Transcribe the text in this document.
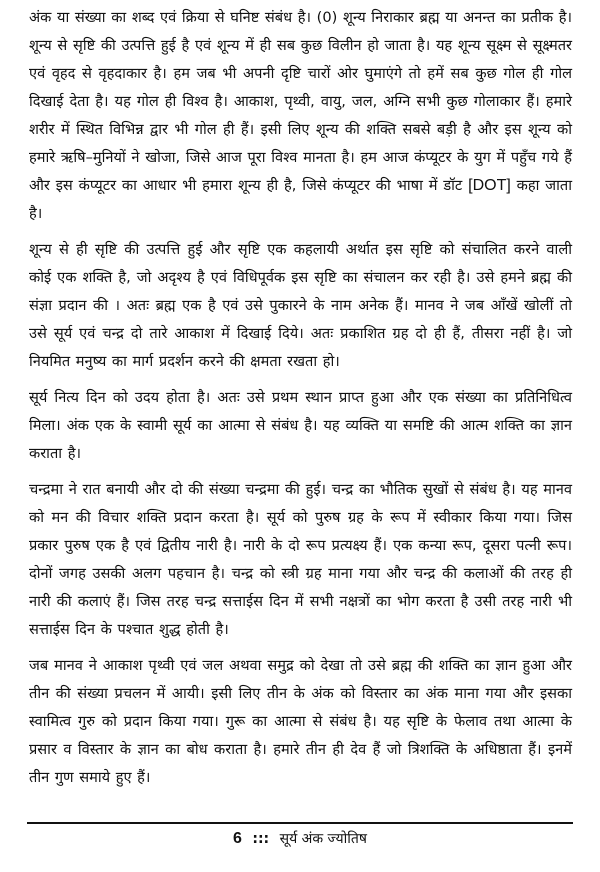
अंक या संख्या का शब्द एवं क्रिया से घनिष्ट संबंध है। (0) शून्य निराकार ब्रह्म या अनन्त का प्रतीक है। शून्य से सृष्टि की उत्पत्ति हुई है एवं शून्य में ही सब कुछ विलीन हो जाता है। यह शून्य सूक्ष्म से सूक्ष्मतर एवं वृहद से वृहदाकार है। हम जब भी अपनी दृष्टि चारों ओर घुमाएंगे तो हमें सब कुछ गोल ही गोल दिखाई देता है। यह गोल ही विश्व है। आकाश, पृथ्वी, वायु, जल, अग्नि सभी कुछ गोलाकार हैं। हमारे शरीर में स्थित विभिन्न द्वार भी गोल ही हैं। इसी लिए शून्य की शक्ति सबसे बड़ी है और इस शून्य को हमारे ऋषि–मुनियों ने खोजा, जिसे आज पूरा विश्व मानता है। हम आज कंप्यूटर के युग में पहुँच गये हैं और इस कंप्यूटर का आधार भी हमारा शून्य ही है, जिसे कंप्यूटर की भाषा में डॉट [DOT] कहा जाता है।

शून्य से ही सृष्टि की उत्पत्ति हुई और सृष्टि एक कहलायी अर्थात इस सृष्टि को संचालित करने वाली कोई एक शक्ति है, जो अदृश्य है एवं विधिपूर्वक इस सृष्टि का संचालन कर रही है। उसे हमने ब्रह्म की संज्ञा प्रदान की । अतः ब्रह्म एक है एवं उसे पुकारने के नाम अनेक हैं। मानव ने जब आँखें खोलीं तो उसे सूर्य एवं चन्द्र दो तारे आकाश में दिखाई दिये। अतः प्रकाशित ग्रह दो ही हैं, तीसरा नहीं है। जो नियमित मनुष्य का मार्ग प्रदर्शन करने की क्षमता रखता हो।

सूर्य नित्य दिन को उदय होता है। अतः उसे प्रथम स्थान प्राप्त हुआ और एक संख्या का प्रतिनिधित्व मिला। अंक एक के स्वामी सूर्य का आत्मा से संबंध है। यह व्यक्ति या समष्टि की आत्म शक्ति का ज्ञान कराता है।

चन्द्रमा ने रात बनायी और दो की संख्या चन्द्रमा की हुई। चन्द्र का भौतिक सुखों से संबंध है। यह मानव को मन की विचार शक्ति प्रदान करता है। सूर्य को पुरुष ग्रह के रूप में स्वीकार किया गया। जिस प्रकार पुरुष एक है एवं द्वितीय नारी है। नारी के दो रूप प्रत्यक्ष्य हैं। एक कन्या रूप, दूसरा पत्नी रूप। दोनों जगह उसकी अलग पहचान है। चन्द्र को स्त्री ग्रह माना गया और चन्द्र की कलाओं की तरह ही नारी की कलाएं हैं। जिस तरह चन्द्र सत्ताईस दिन में सभी नक्षत्रों का भोग करता है उसी तरह नारी भी सत्ताईस दिन के पश्चात शुद्ध होती है।

जब मानव ने आकाश पृथ्वी एवं जल अथवा समुद्र को देखा तो उसे ब्रह्म की शक्ति का ज्ञान हुआ और तीन की संख्या प्रचलन में आयी। इसी लिए तीन के अंक को विस्तार का अंक माना गया और इसका स्वामित्व गुरु को प्रदान किया गया। गुरू का आत्मा से संबंध है। यह सृष्टि के फेलाव तथा आत्मा के प्रसार व विस्तार के ज्ञान का बोध कराता है। हमारे तीन ही देव हैं जो त्रिशक्ति के अधिष्ठाता हैं। इनमें तीन गुण समाये हुए हैं।

6 ::: सूर्य अंक ज्योतिष
